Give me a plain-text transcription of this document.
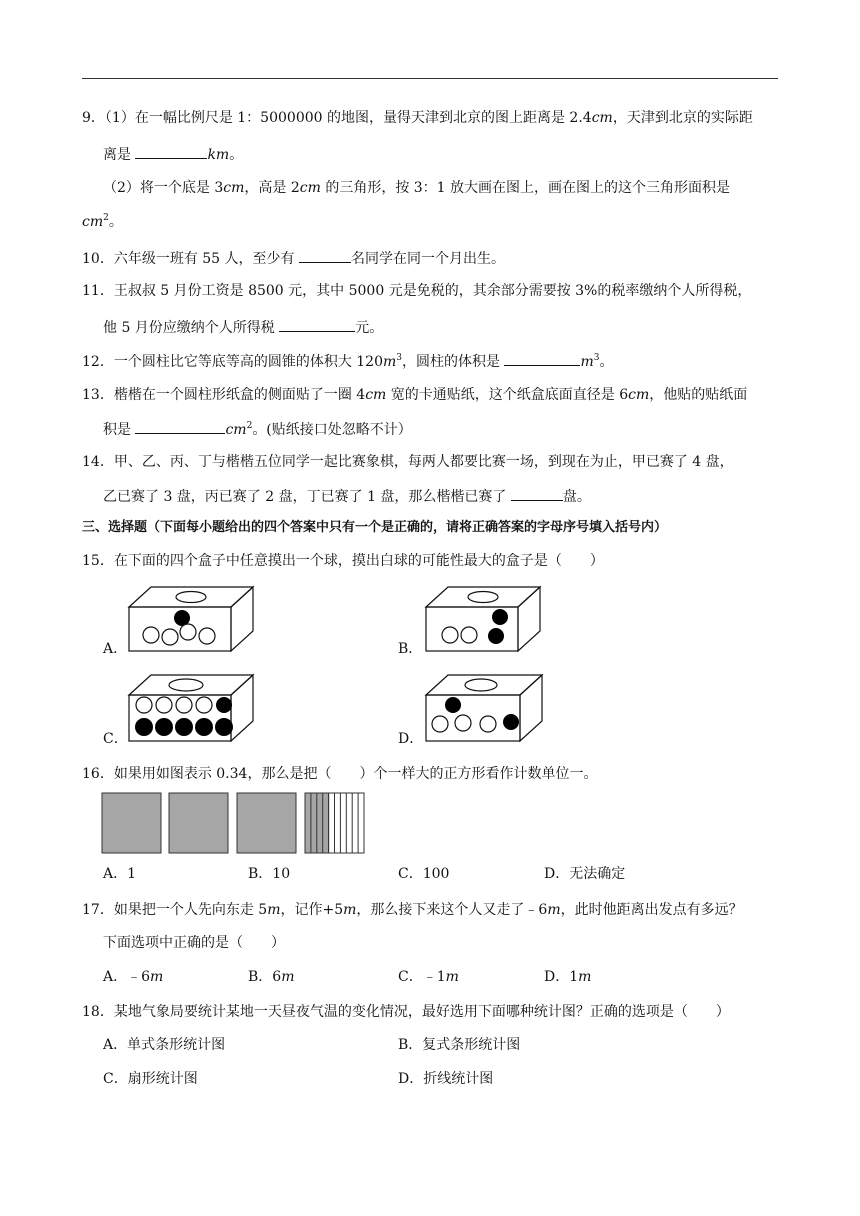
9．（1）在一幅比例尺是 1：5000000 的地图，量得天津到北京的图上距离是 2.4cm，天津到北京的实际距
离是	km。
（2）将一个底是 3cm，高是 2cm 的三角形，按 3：1 放大画在图上，画在图上的这个三角形面积是
$cm^2$。
10．六年级一班有 55 人，至少有	名同学在同一个月出生。
11．王叔叔 5 月份工资是 8500 元，其中 5000 元是免税的，其余部分需要按 3%的税率缴纳个人所得税，
他 5 月份应缴纳个人所得税	元。
12．一个圆柱比它等底等高的圆锥的体积大 $120m^3$，圆柱的体积是	$m^3$。
13．楷楷在一个圆柱形纸盒的侧面贴了一圈 4cm 宽的卡通贴纸，这个纸盒底面直径是 6cm，他贴的贴纸面
积是	$cm^2$。(贴纸接口处忽略不计）
14．甲、乙、丙、丁与楷楷五位同学一起比赛象棋，每两人都要比赛一场，到现在为止，甲已赛了 4 盘，
乙已赛了 3 盘，丙已赛了 2 盘，丁已赛了 1 盘，那么楷楷已赛了	盘。
三、选择题（下面每小题给出的四个答案中只有一个是正确的，请将正确答案的字母序号填入括号内）
15．在下面的四个盒子中任意摸出一个球，摸出白球的可能性最大的盒子是（　　）
A．	B．
C．	D．
16．如果用如图表示 0.34，那么是把（　　）个一样大的正方形看作计数单位一。
A．1	B．10	C．100	D．无法确定
17．如果把一个人先向东走 5m，记作+5m，那么接下来这个人又走了﹣6m，此时他距离出发点有多远？
下面选项中正确的是（　　）
A．﹣6m	B．6m	C．﹣1m	D．1m
18．某地气象局要统计某地一天昼夜气温的变化情况，最好选用下面哪种统计图？正确的选项是（　　）
A．单式条形统计图	B．复式条形统计图
C．扇形统计图	D．折线统计图
